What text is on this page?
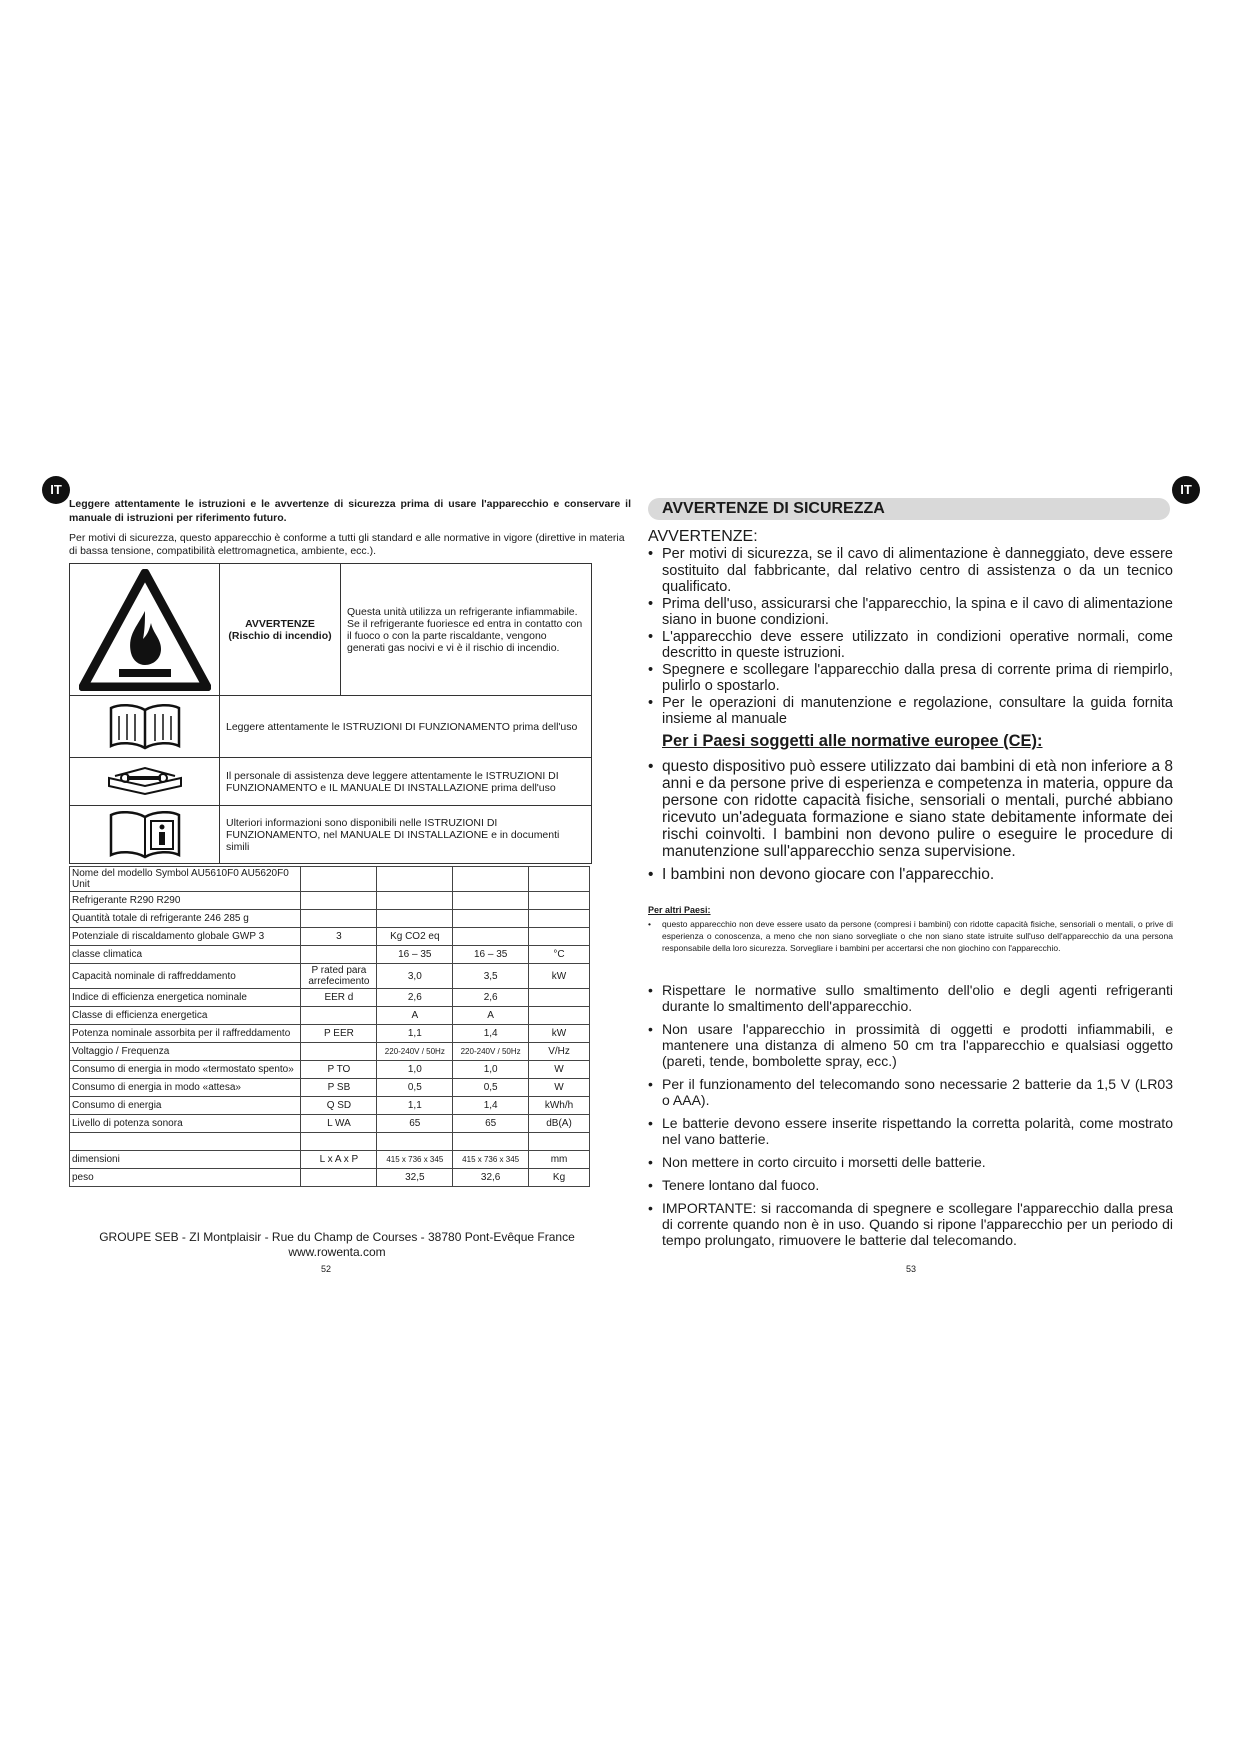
IT
Leggere attentamente le istruzioni e le avvertenze di sicurezza prima di usare l'apparecchio e conservare il manuale di istruzioni per riferimento futuro.
Per motivi di sicurezza, questo apparecchio è conforme a tutti gli standard e alle normative in vigore (direttive in materia di bassa tensione, compatibilità elettromagnetica, ambiente, ecc.).
AVVERTENZE
(Rischio di incendio)
Questa unità utilizza un refrigerante infiammabile. Se il refrigerante fuoriesce ed entra in contatto con il fuoco o con la parte riscaldante, vengono generati gas nocivi e vi è il rischio di incendio.
Leggere attentamente le ISTRUZIONI DI FUNZIONAMENTO prima dell'uso
Il personale di assistenza deve leggere attentamente le ISTRUZIONI DI FUNZIONAMENTO e IL MANUALE DI INSTALLAZIONE prima dell'uso
Ulteriori informazioni sono disponibili nelle ISTRUZIONI DI FUNZIONAMENTO, nel MANUALE DI INSTALLAZIONE e in documenti simili
Nome del modello Symbol AU5610F0 AU5620F0 Unit				
Refrigerante R290 R290				
Quantità totale di refrigerante 246 285 g				
Potenziale di riscaldamento globale GWP 3	3	Kg CO2 eq		
classe climatica		16 – 35	16 – 35	°C
Capacità nominale di raffreddamento	P rated para arrefecimento	3,0	3,5	kW
Indice di efficienza energetica nominale	EER d	2,6	2,6	
Classe di efficienza energetica		A	A	
Potenza nominale assorbita per il raffreddamento	P EER	1,1	1,4	kW
Voltaggio / Frequenza		220-240V / 50Hz	220-240V / 50Hz	V/Hz
Consumo di energia in modo «termostato spento»	P TO	1,0	1,0	W
Consumo di energia in modo «attesa»	P SB	0,5	0,5	W
Consumo di energia	Q SD	1,1	1,4	kWh/h
Livello di potenza sonora	L WA	65	65	dB(A)

dimensioni	L x A x P	415 x 736 x 345	415 x 736 x 345	mm
peso		32,5	32,6	Kg
GROUPE SEB - ZI Montplaisir - Rue du Champ de Courses - 38780 Pont-Evêque France
www.rowenta.com
52
IT
AVVERTENZE DI SICUREZZA
AVVERTENZE:
• Per motivi di sicurezza, se il cavo di alimentazione è danneggiato, deve essere sostituito dal fabbricante, dal relativo centro di assistenza o da un tecnico qualificato.
• Prima dell'uso, assicurarsi che l'apparecchio, la spina e il cavo di alimentazione siano in buone condizioni.
• L'apparecchio deve essere utilizzato in condizioni operative normali, come descritto in queste istruzioni.
• Spegnere e scollegare l'apparecchio dalla presa di corrente prima di riempirlo, pulirlo o spostarlo.
• Per le operazioni di manutenzione e regolazione, consultare la guida fornita insieme al manuale
Per i Paesi soggetti alle normative europee (CE):
• questo dispositivo può essere utilizzato dai bambini di età non inferiore a 8 anni e da persone prive di esperienza e competenza in materia, oppure da persone con ridotte capacità fisiche, sensoriali o mentali, purché abbiano ricevuto un'adeguata formazione e siano state debitamente informate dei rischi coinvolti. I bambini non devono pulire o eseguire le procedure di manutenzione sull'apparecchio senza supervisione.
• I bambini non devono giocare con l'apparecchio.
Per altri Paesi:
• questo apparecchio non deve essere usato da persone (compresi i bambini) con ridotte capacità fisiche, sensoriali o mentali, o prive di esperienza o conoscenza, a meno che non siano sorvegliate o che non siano state istruite sull'uso dell'apparecchio da una persona responsabile della loro sicurezza. Sorvegliare i bambini per accertarsi che non giochino con l'apparecchio.
• Rispettare le normative sullo smaltimento dell'olio e degli agenti refrigeranti durante lo smaltimento dell'apparecchio.
• Non usare l'apparecchio in prossimità di oggetti e prodotti infiammabili, e mantenere una distanza di almeno 50 cm tra l'apparecchio e qualsiasi oggetto (pareti, tende, bombolette spray, ecc.)
• Per il funzionamento del telecomando sono necessarie 2 batterie da 1,5 V (LR03 o AAA).
• Le batterie devono essere inserite rispettando la corretta polarità, come mostrato nel vano batterie.
• Non mettere in corto circuito i morsetti delle batterie.
• Tenere lontano dal fuoco.
• IMPORTANTE: si raccomanda di spegnere e scollegare l'apparecchio dalla presa di corrente quando non è in uso. Quando si ripone l'apparecchio per un periodo di tempo prolungato, rimuovere le batterie dal telecomando.
53
